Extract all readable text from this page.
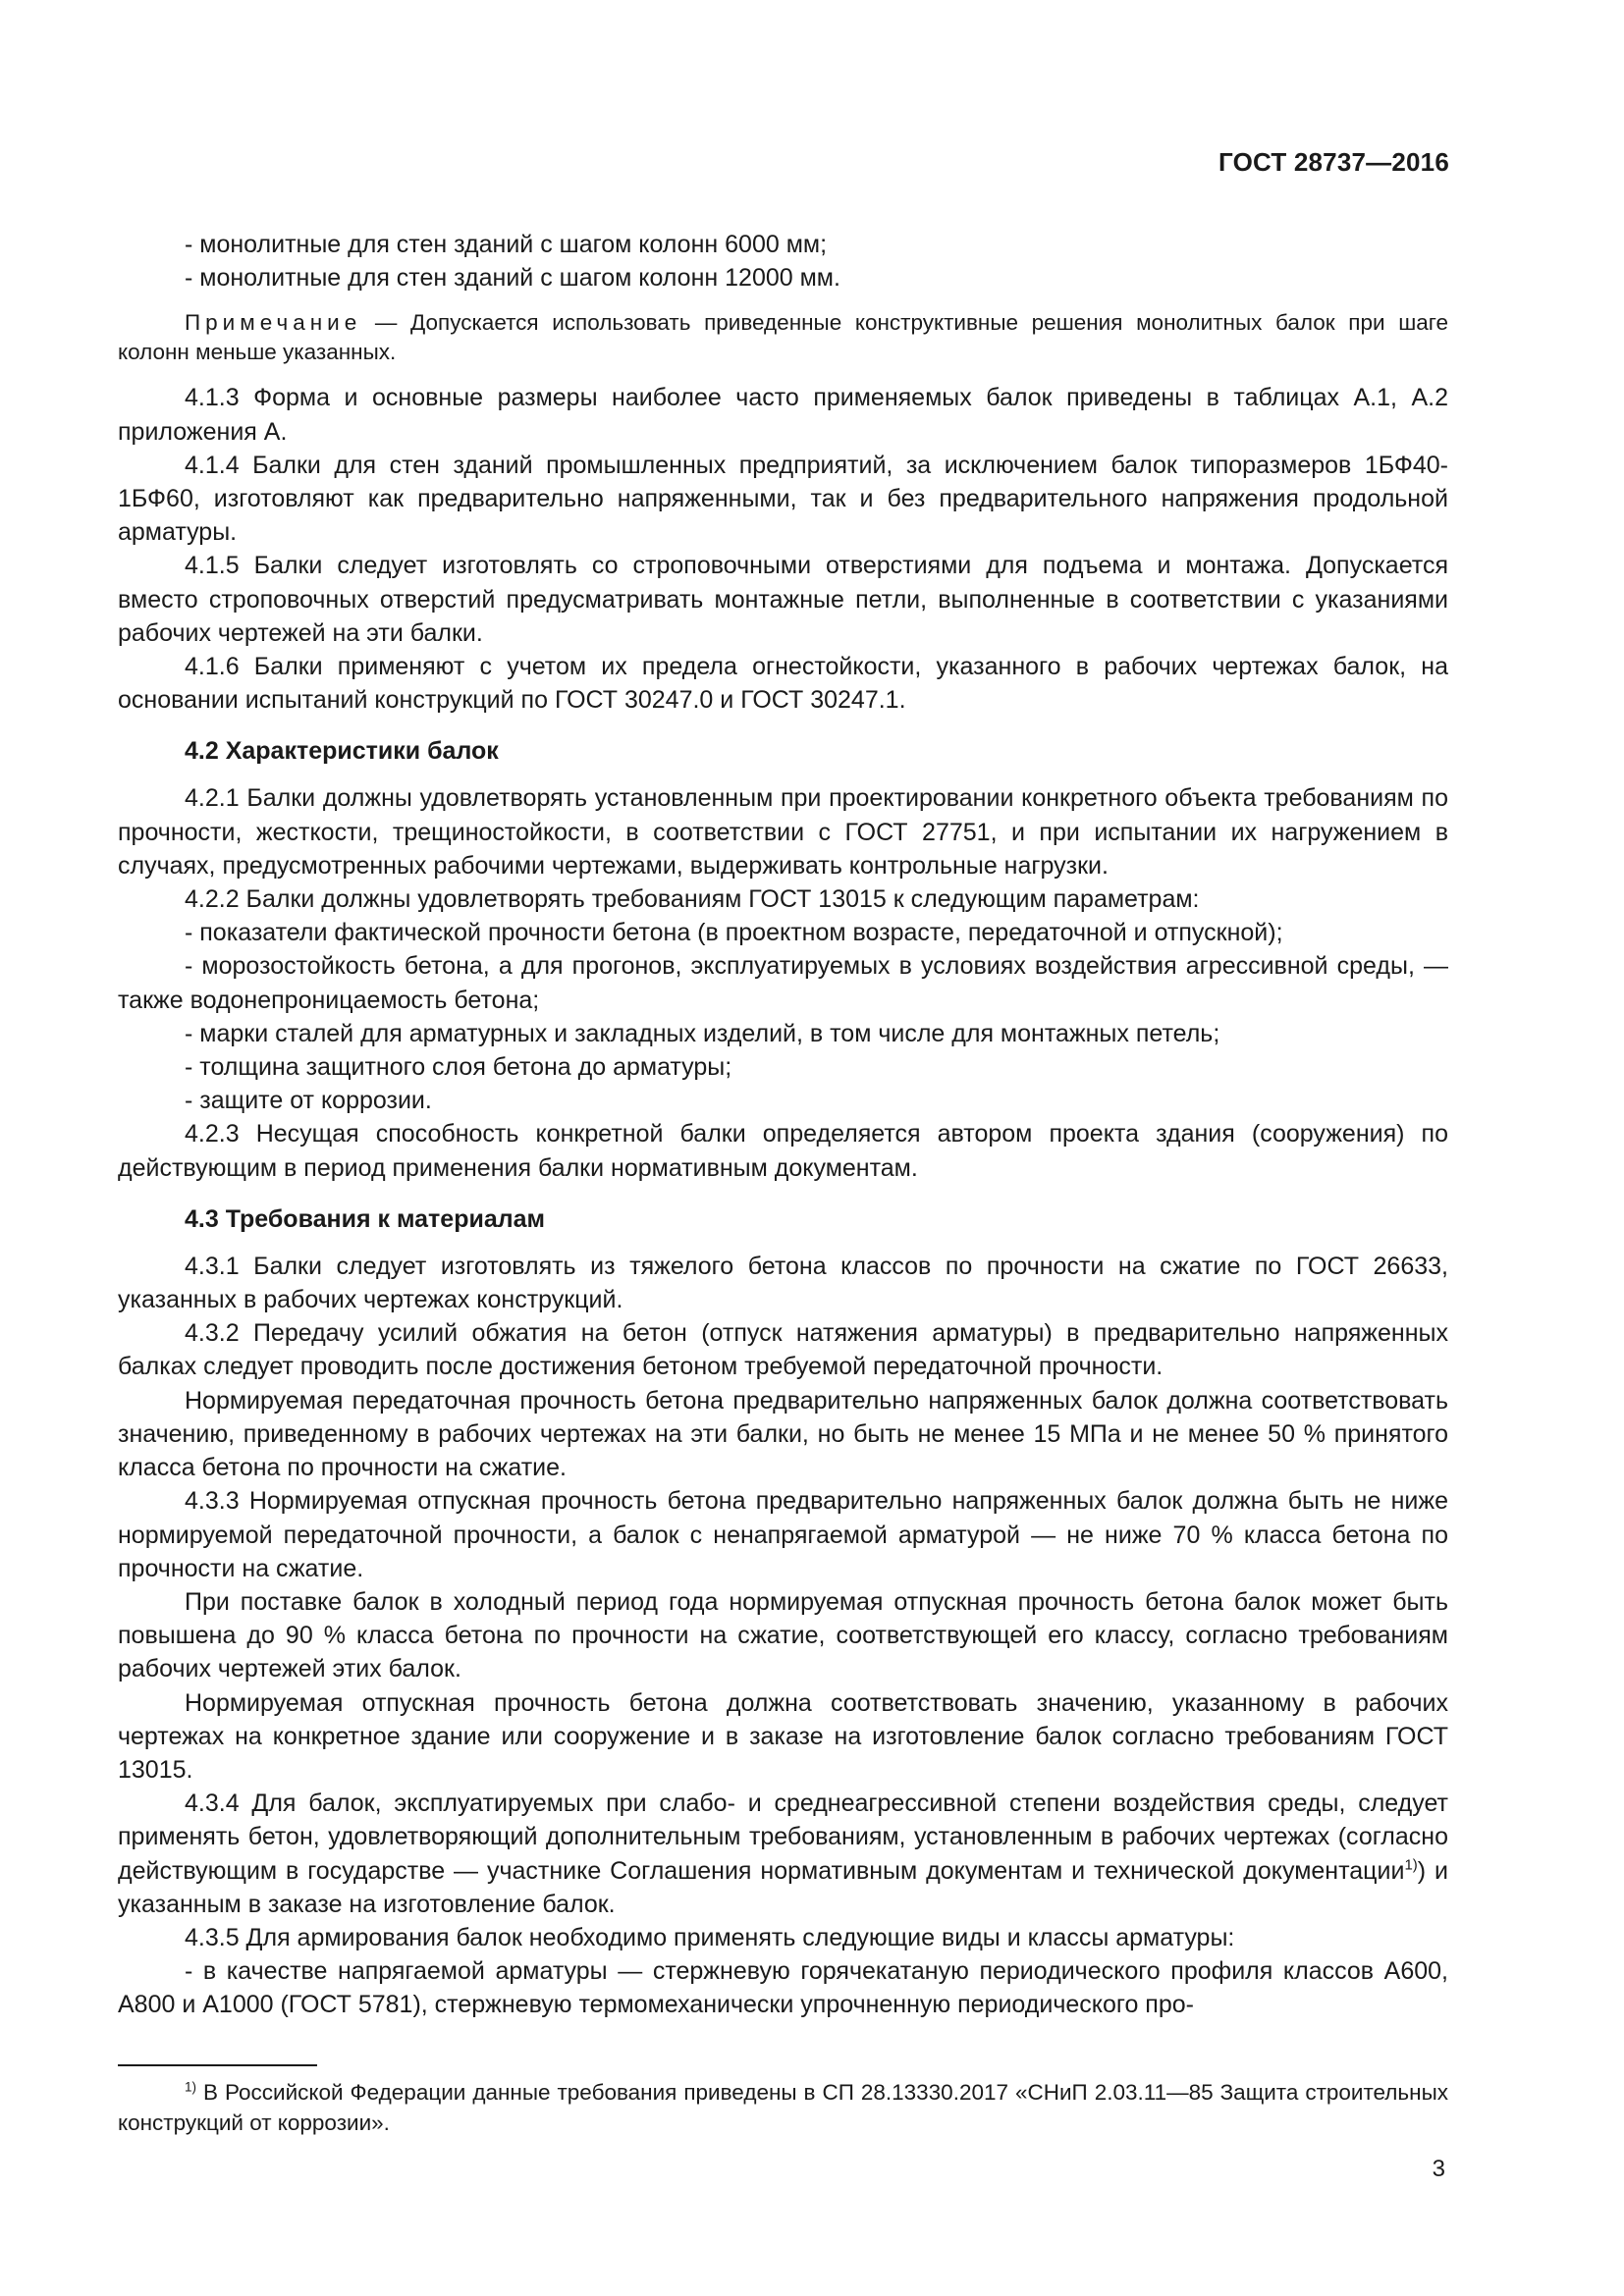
ГОСТ 28737—2016

- монолитные для стен зданий с шагом колонн 6000 мм;

- монолитные для стен зданий с шагом колонн 12000 мм.

Примечание — Допускается использовать приведенные конструктивные решения монолитных балок при шаге колонн меньше указанных.

4.1.3 Форма и основные размеры наиболее часто применяемых балок приведены в таблицах А.1, А.2 приложения А.

4.1.4 Балки для стен зданий промышленных предприятий, за исключением балок типоразмеров 1БФ40-1БФ60, изготовляют как предварительно напряженными, так и без предварительного напряжения продольной арматуры.

4.1.5 Балки следует изготовлять со строповочными отверстиями для подъема и монтажа. Допускается вместо строповочных отверстий предусматривать монтажные петли, выполненные в соответствии с указаниями рабочих чертежей на эти балки.

4.1.6 Балки применяют с учетом их предела огнестойкости, указанного в рабочих чертежах балок, на основании испытаний конструкций по ГОСТ 30247.0 и ГОСТ 30247.1.

4.2 Характеристики балок

4.2.1 Балки должны удовлетворять установленным при проектировании конкретного объекта требованиям по прочности, жесткости, трещиностойкости, в соответствии с ГОСТ 27751, и при испытании их нагружением в случаях, предусмотренных рабочими чертежами, выдерживать контрольные нагрузки.

4.2.2 Балки должны удовлетворять требованиям ГОСТ 13015 к следующим параметрам:

- показатели фактической прочности бетона (в проектном возрасте, передаточной и отпускной);

- морозостойкость бетона, а для прогонов, эксплуатируемых в условиях воздействия агрессивной среды, — также водонепроницаемость бетона;

- марки сталей для арматурных и закладных изделий, в том числе для монтажных петель;

- толщина защитного слоя бетона до арматуры;

- защите от коррозии.

4.2.3 Несущая способность конкретной балки определяется автором проекта здания (сооружения) по действующим в период применения балки нормативным документам.

4.3 Требования к материалам

4.3.1 Балки следует изготовлять из тяжелого бетона классов по прочности на сжатие по ГОСТ 26633, указанных в рабочих чертежах конструкций.

4.3.2 Передачу усилий обжатия на бетон (отпуск натяжения арматуры) в предварительно напряженных балках следует проводить после достижения бетоном требуемой передаточной прочности.

Нормируемая передаточная прочность бетона предварительно напряженных балок должна соответствовать значению, приведенному в рабочих чертежах на эти балки, но быть не менее 15 МПа и не менее 50 % принятого класса бетона по прочности на сжатие.

4.3.3 Нормируемая отпускная прочность бетона предварительно напряженных балок должна быть не ниже нормируемой передаточной прочности, а балок с ненапрягаемой арматурой — не ниже 70 % класса бетона по прочности на сжатие.

При поставке балок в холодный период года нормируемая отпускная прочность бетона балок может быть повышена до 90 % класса бетона по прочности на сжатие, соответствующей его классу, согласно требованиям рабочих чертежей этих балок.

Нормируемая отпускная прочность бетона должна соответствовать значению, указанному в рабочих чертежах на конкретное здание или сооружение и в заказе на изготовление балок согласно требованиям ГОСТ 13015.

4.3.4 Для балок, эксплуатируемых при слабо- и среднеагрессивной степени воздействия среды, следует применять бетон, удовлетворяющий дополнительным требованиям, установленным в рабочих чертежах (согласно действующим в государстве — участнике Соглашения нормативным документам и технической документации$^{1)}$) и указанным в заказе на изготовление балок.

4.3.5 Для армирования балок необходимо применять следующие виды и классы арматуры:

- в качестве напрягаемой арматуры — стержневую горячекатаную периодического профиля классов А600, А800 и А1000 (ГОСТ 5781), стержневую термомеханически упрочненную периодического про-

$^{1)}$ В Российской Федерации данные требования приведены в СП 28.13330.2017 «СНиП 2.03.11—85 Защита строительных конструкций от коррозии».

3
